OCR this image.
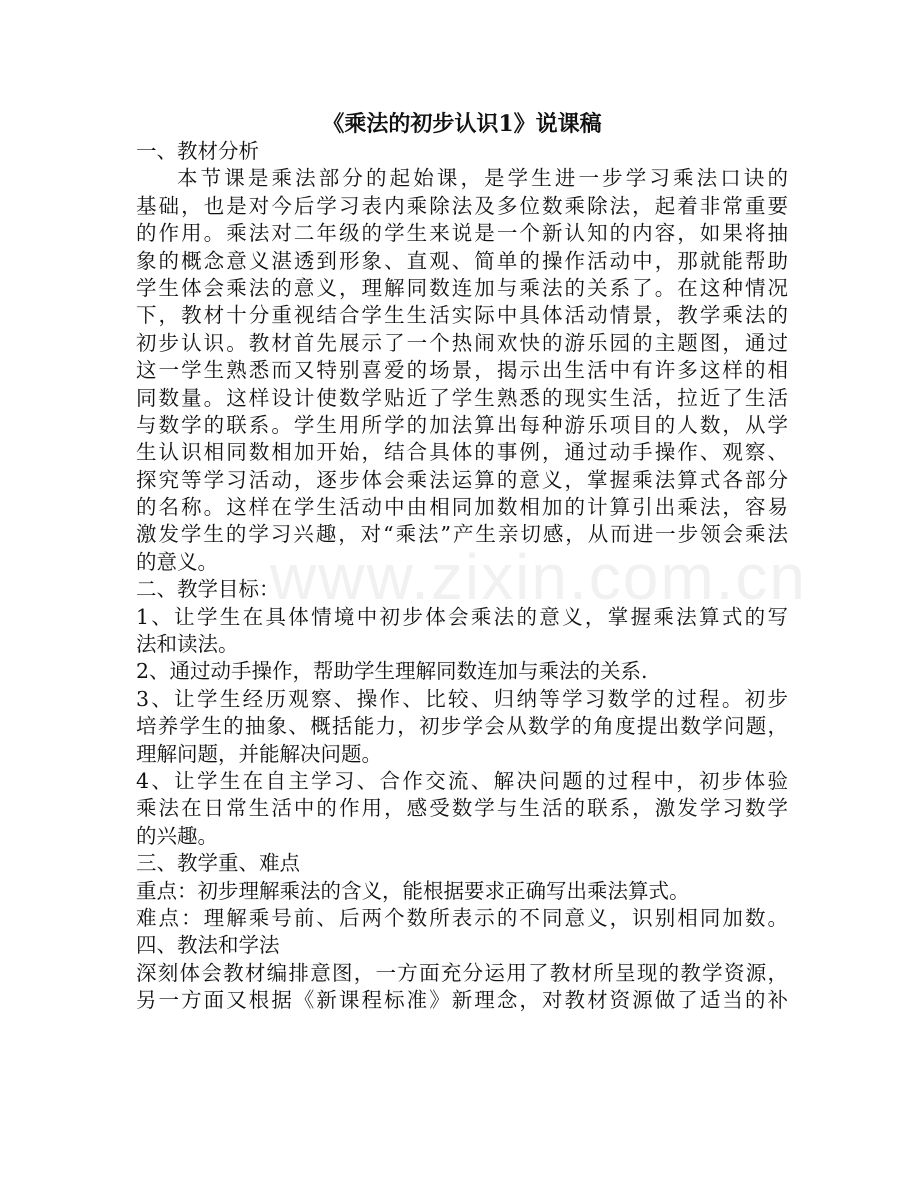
www.zixin.com.cn
《乘法的初步认识1》说课稿

一、教材分析

本节课是乘法部分的起始课，是学生进一步学习乘法口诀的

基础，也是对今后学习表内乘除法及多位数乘除法，起着非常重要

的作用。乘法对二年级的学生来说是一个新认知的内容，如果将抽

象的概念意义湛透到形象、直观、简单的操作活动中，那就能帮助

学生体会乘法的意义，理解同数连加与乘法的关系了。在这种情况

下，教材十分重视结合学生生活实际中具体活动情景，教学乘法的

初步认识。教材首先展示了一个热闹欢快的游乐园的主题图，通过

这一学生熟悉而又特别喜爱的场景，揭示出生活中有许多这样的相

同数量。这样设计使数学贴近了学生熟悉的现实生活，拉近了生活

与数学的联系。学生用所学的加法算出每种游乐项目的人数，从学

生认识相同数相加开始，结合具体的事例，通过动手操作、观察、

探究等学习活动，逐步体会乘法运算的意义，掌握乘法算式各部分

的名称。这样在学生活动中由相同加数相加的计算引出乘法，容易

激发学生的学习兴趣，对“乘法”产生亲切感，从而进一步领会乘法

的意义。

二、教学目标：

1、让学生在具体情境中初步体会乘法的意义，掌握乘法算式的写

法和读法。

2、通过动手操作，帮助学生理解同数连加与乘法的关系.

3、让学生经历观察、操作、比较、归纳等学习数学的过程。初步

培养学生的抽象、概括能力，初步学会从数学的角度提出数学问题，

理解问题，并能解决问题。

4、让学生在自主学习、合作交流、解决问题的过程中，初步体验

乘法在日常生活中的作用，感受数学与生活的联系，激发学习数学

的兴趣。

三、教学重、难点

重点：初步理解乘法的含义，能根据要求正确写出乘法算式。

难点：理解乘号前、后两个数所表示的不同意义，识别相同加数。

四、教法和学法

深刻体会教材编排意图，一方面充分运用了教材所呈现的教学资源，

另一方面又根据《新课程标准》新理念，对教材资源做了适当的补
